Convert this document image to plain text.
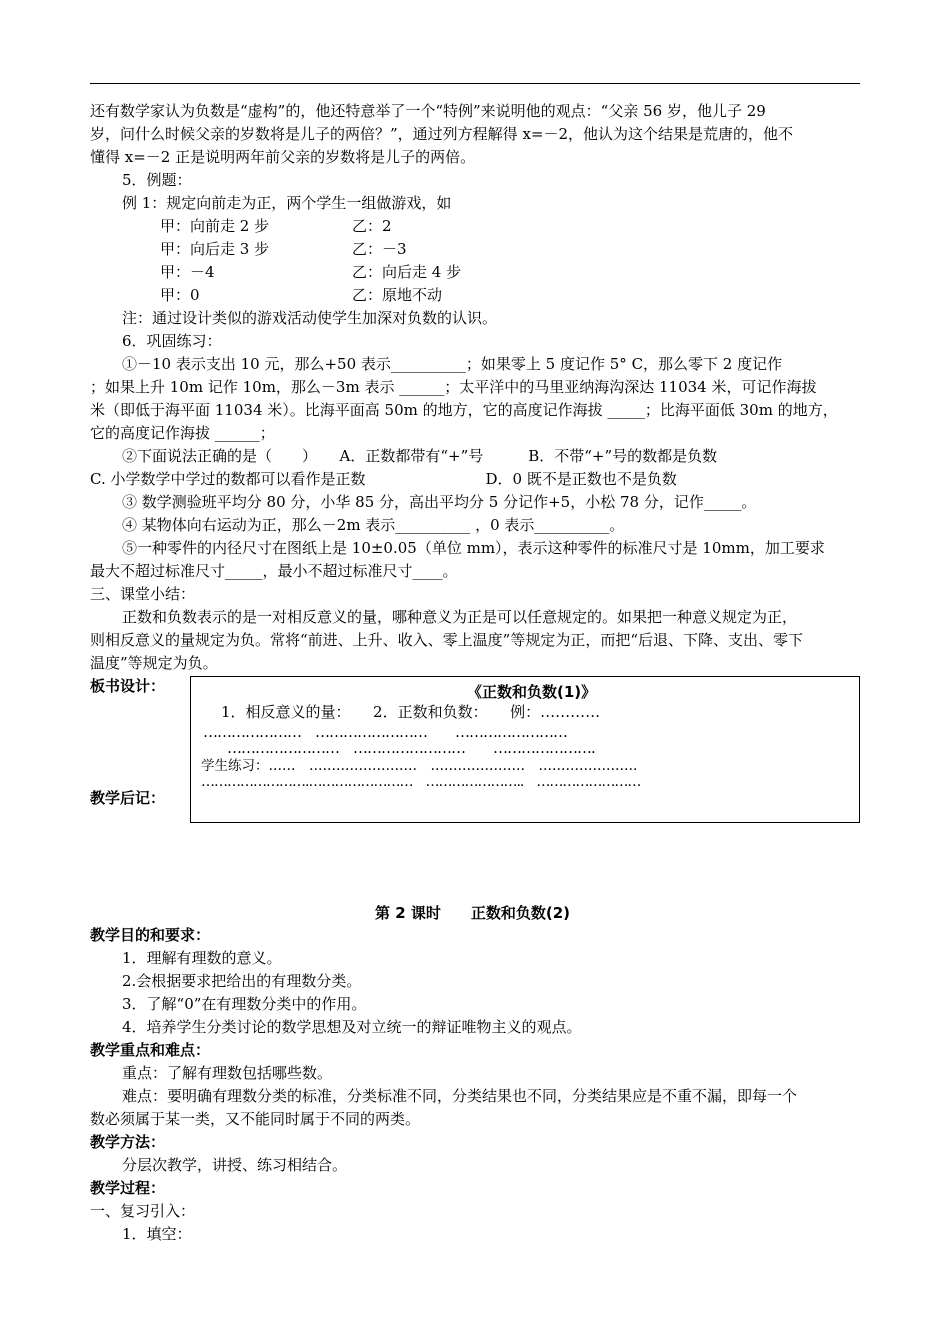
还有数学家认为负数是“虚构”的，他还特意举了一个“特例”来说明他的观点：“父亲 56 岁，他儿子 29
岁，问什么时候父亲的岁数将是儿子的两倍？”，通过列方程解得 x=－2，他认为这个结果是荒唐的，他不
懂得 x=－2 正是说明两年前父亲的岁数将是儿子的两倍。
5．例题：
例 1：规定向前走为正，两个学生一组做游戏，如
甲：向前走 2 步	乙：2
甲：向后走 3 步	乙：－3
甲：－4	乙：向后走 4 步
甲：0	乙：原地不动
注：通过设计类似的游戏活动使学生加深对负数的认识。
6．巩固练习：
①－10 表示支出 10 元，那么+50 表示__________；如果零上 5 度记作 5° C，那么零下 2 度记作
；如果上升 10m 记作 10m，那么－3m 表示 ______；太平洋中的马里亚纳海沟深达 11034 米，可记作海拔
米（即低于海平面 11034 米）。比海平面高 50m 的地方，它的高度记作海拔 _____；比海平面低 30m 的地方，
它的高度记作海拔 ______；
②下面说法正确的是（　　）　　A．正数都带有“+”号　　　B．不带“+”号的数都是负数
C. 小学数学中学过的数都可以看作是正数　　　　　　　　D．0 既不是正数也不是负数
③ 数学测验班平均分 80 分，小华 85 分，高出平均分 5 分记作+5，小松 78 分，记作_____。
④ 某物体向右运动为正，那么－2m 表示__________ ，0 表示__________。
⑤一种零件的内径尺寸在图纸上是 10±0.05（单位 mm），表示这种零件的标准尺寸是 10mm，加工要求
最大不超过标准尺寸_____，最小不超过标准尺寸____。
三、课堂小结：
正数和负数表示的是一对相反意义的量，哪种意义为正是可以任意规定的。如果把一种意义规定为正，
则相反意义的量规定为负。常将“前进、上升、收入、零上温度”等规定为正，而把“后退、下降、支出、零下
温度”等规定为负。
板书设计：	《正数和负数(1)》
1．相反意义的量：　　2．正数和负数：　　例：…………
…………………　……………………　　……………………
……………………　……………………　　………………….
学生练习：……　……………………　…………………　………………….
…………………….……………………　…………………..　……………………
教学后记：
第 2 课时　　正数和负数(2)
教学目的和要求：
1．理解有理数的意义。
2.会根据要求把给出的有理数分类。
3．了解“0”在有理数分类中的作用。
4．培养学生分类讨论的数学思想及对立统一的辩证唯物主义的观点。
教学重点和难点：
重点：了解有理数包括哪些数。
难点：要明确有理数分类的标准，分类标准不同，分类结果也不同，分类结果应是不重不漏，即每一个
数必须属于某一类，又不能同时属于不同的两类。
教学方法：
分层次教学，讲授、练习相结合。
教学过程：
一、复习引入：
1．填空：
